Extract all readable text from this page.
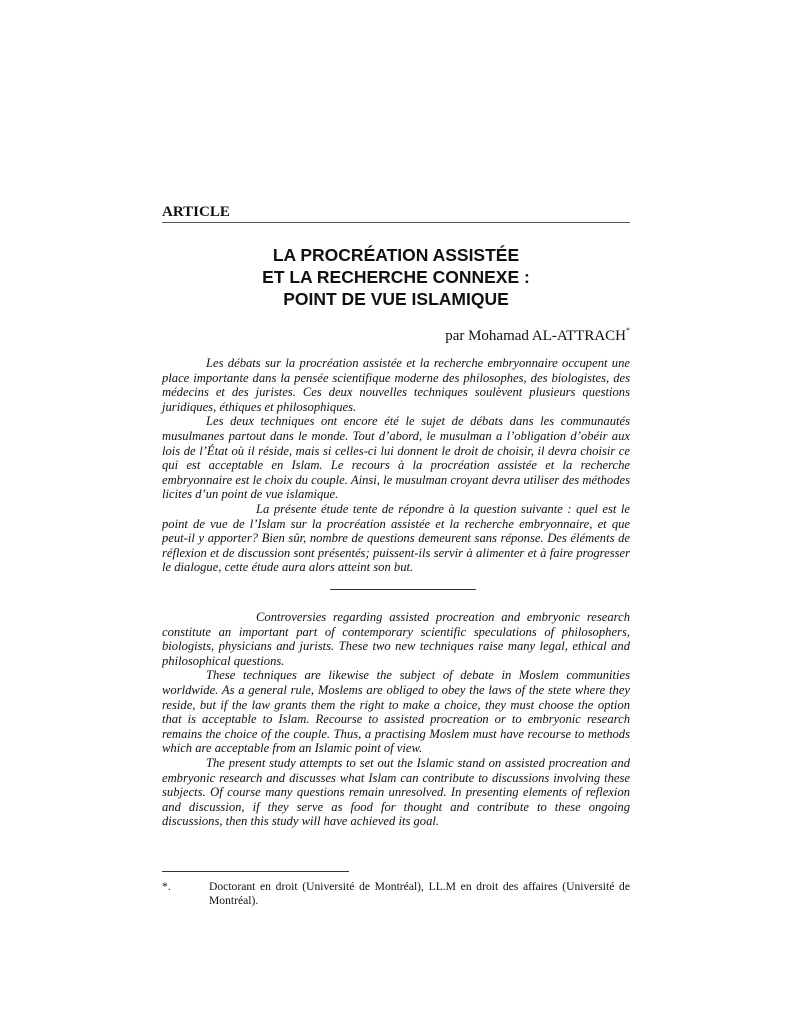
ARTICLE
LA PROCRÉATION ASSISTÉE
ET LA RECHERCHE CONNEXE :
POINT DE VUE ISLAMIQUE
par Mohamad AL-ATTRACH*

Les débats sur la procréation assistée et la recherche embryonnaire occupent une place importante dans la pensée scientifique moderne des philosophes, des biologistes, des médecins et des juristes. Ces deux nouvelles techniques soulèvent plusieurs questions juridiques, éthiques et philosophiques.

Les deux techniques ont encore été le sujet de débats dans les communautés musulmanes partout dans le monde. Tout d’abord, le musulman a l’obligation d’obéir aux lois de l’État où il réside, mais si celles-ci lui donnent le droit de choisir, il devra choisir ce qui est acceptable en Islam. Le recours à la procréation assistée et la recherche embryonnaire est le choix du couple. Ainsi, le musulman croyant devra utiliser des méthodes licites d’un point de vue islamique.

La présente étude tente de répondre à la question suivante : quel est le point de vue de l’Islam sur la procréation assistée et la recherche embryonnaire, et que peut-il y apporter? Bien sûr, nombre de questions demeurent sans réponse. Des éléments de réflexion et de discussion sont présentés; puissent-ils servir à alimenter et à faire progresser le dialogue, cette étude aura alors atteint son but.

Controversies regarding assisted procreation and embryonic research constitute an important part of contemporary scientific speculations of philosophers, biologists, physicians and jurists. These two new techniques raise many legal, ethical and philosophical questions.

These techniques are likewise the subject of debate in Moslem communities worldwide. As a general rule, Moslems are obliged to obey the laws of the stete where they reside, but if the law grants them the right to make a choice, they must choose the option that is acceptable to Islam. Recourse to assisted procreation or to embryonic research remains the choice of the couple. Thus, a practising Moslem must have recourse to methods which are acceptable from an Islamic point of view.

The present study attempts to set out the Islamic stand on assisted procreation and embryonic research and discusses what Islam can contribute to discussions involving these subjects. Of course many questions remain unresolved. In presenting elements of reflexion and discussion, if they serve as food for thought and contribute to these ongoing discussions, then this study will have achieved its goal.

*.	Doctorant en droit (Université de Montréal), LL.M en droit des affaires (Université de Montréal).
